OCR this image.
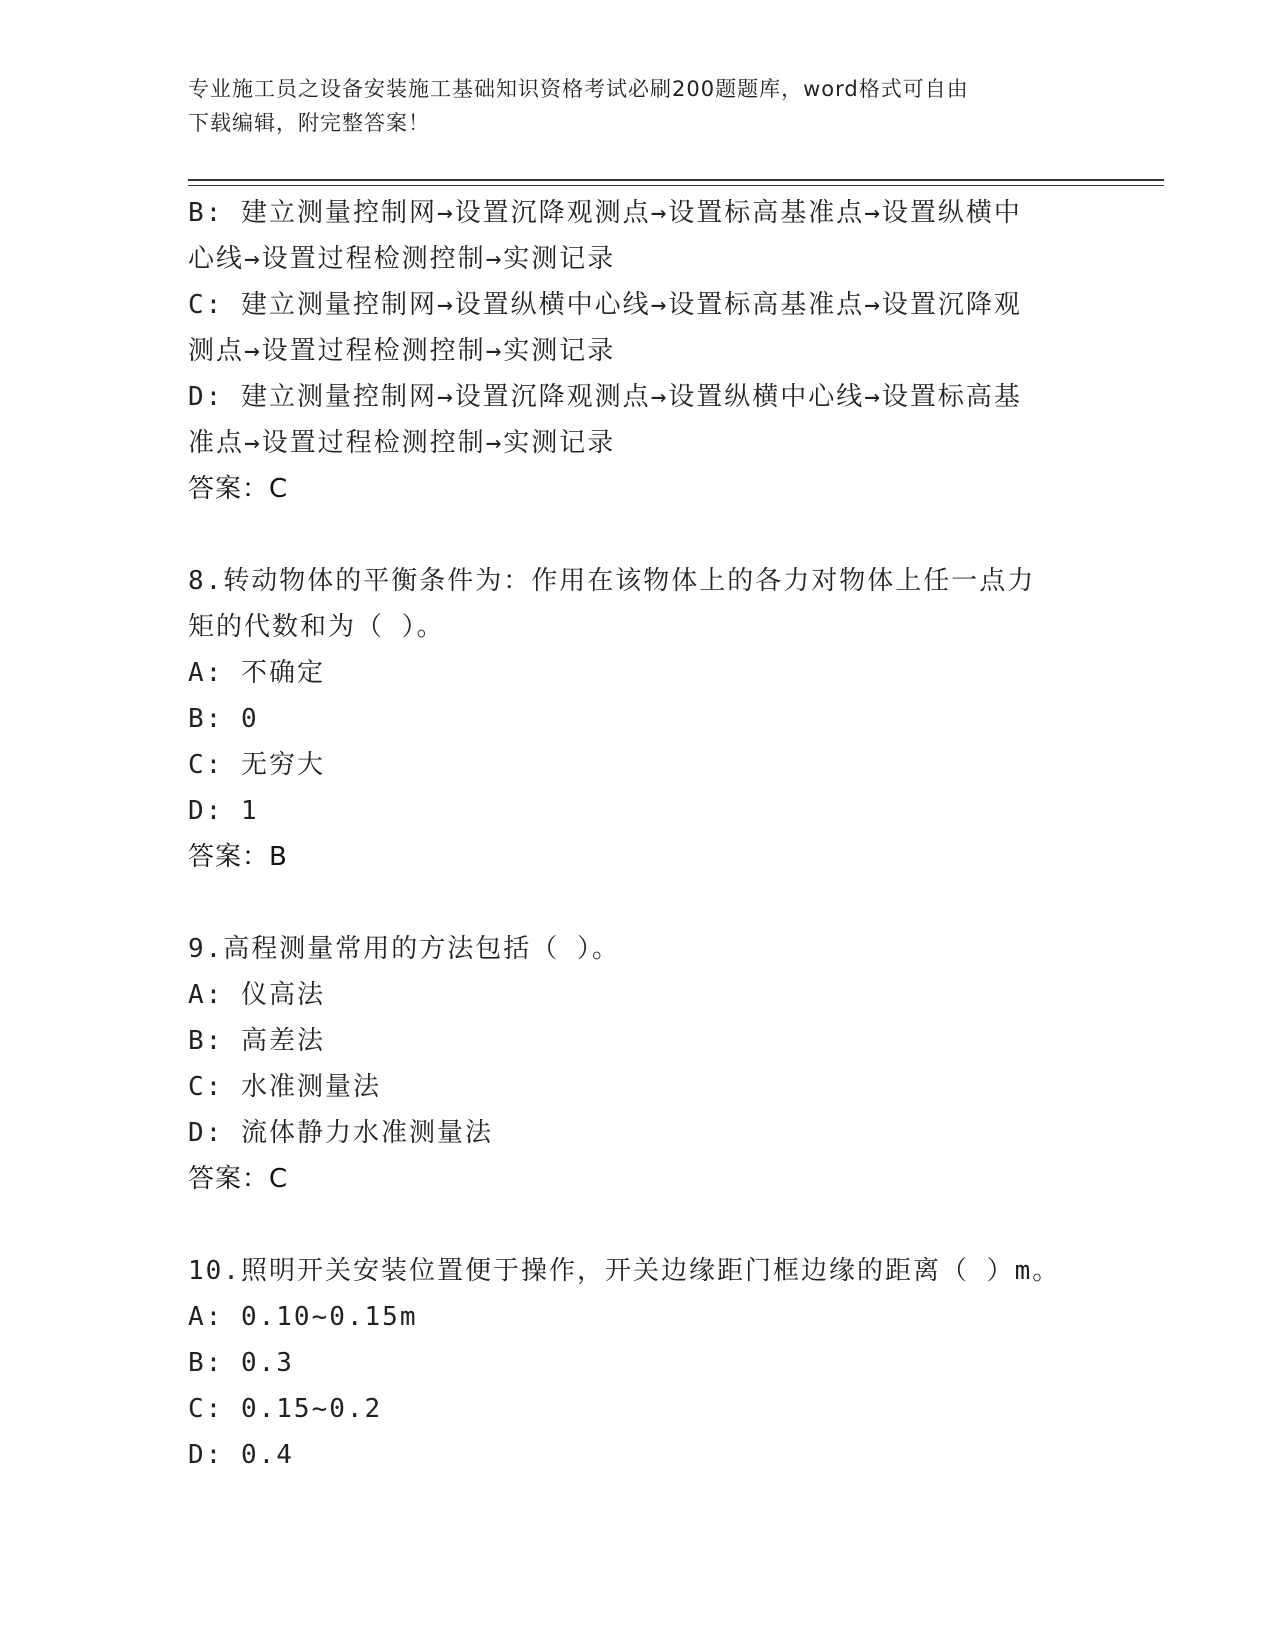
专业施工员之设备安装施工基础知识资格考试必刷200题题库，word格式可自由
下载编辑，附完整答案！
B: 建立测量控制网→设置沉降观测点→设置标高基准点→设置纵横中
心线→设置过程检测控制→实测记录
C: 建立测量控制网→设置纵横中心线→设置标高基准点→设置沉降观
测点→设置过程检测控制→实测记录
D: 建立测量控制网→设置沉降观测点→设置纵横中心线→设置标高基
准点→设置过程检测控制→实测记录
答案：C
8.转动物体的平衡条件为：作用在该物体上的各力对物体上任一点力
矩的代数和为（ ）。
A: 不确定
B: 0
C: 无穷大
D: 1
答案：B
9.高程测量常用的方法包括（ ）。
A: 仪高法
B: 高差法
C: 水准测量法
D: 流体静力水准测量法
答案：C
10.照明开关安装位置便于操作，开关边缘距门框边缘的距离（ ）m。
A: 0.10~0.15m
B: 0.3
C: 0.15~0.2
D: 0.4
